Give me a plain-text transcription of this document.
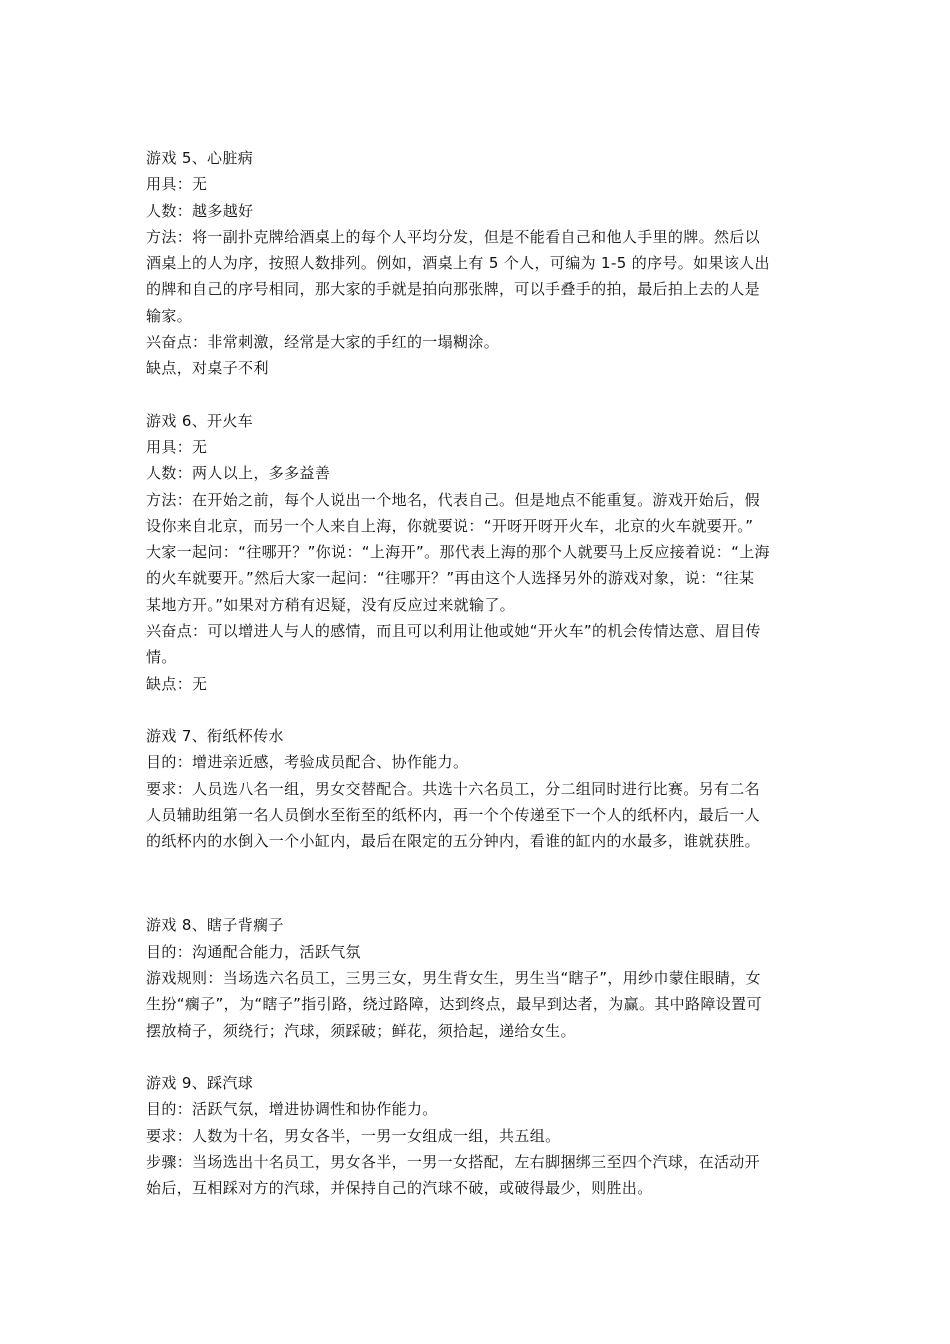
游戏 5、心脏病

用具：无

人数：越多越好

方法：将一副扑克牌给酒桌上的每个人平均分发，但是不能看自己和他人手里的牌。然后以

酒桌上的人为序，按照人数排列。例如，酒桌上有 5 个人，可编为 1-5 的序号。如果该人出

的牌和自己的序号相同，那大家的手就是拍向那张牌，可以手叠手的拍，最后拍上去的人是

输家。

兴奋点：非常刺激，经常是大家的手红的一塌糊涂。

缺点，对桌子不利

游戏 6、开火车

用具：无

人数：两人以上，多多益善

方法：在开始之前，每个人说出一个地名，代表自己。但是地点不能重复。游戏开始后，假

设你来自北京，而另一个人来自上海，你就要说：“开呀开呀开火车，北京的火车就要开。”

大家一起问：“往哪开？”你说：“上海开”。那代表上海的那个人就要马上反应接着说：“上海

的火车就要开。”然后大家一起问：“往哪开？”再由这个人选择另外的游戏对象，说：“往某

某地方开。”如果对方稍有迟疑，没有反应过来就输了。

兴奋点：可以增进人与人的感情，而且可以利用让他或她“开火车”的机会传情达意、眉目传

情。

缺点：无

游戏 7、衔纸杯传水

目的：增进亲近感，考验成员配合、协作能力。

要求：人员选八名一组，男女交替配合。共选十六名员工，分二组同时进行比赛。另有二名

人员辅助组第一名人员倒水至衔至的纸杯内，再一个个传递至下一个人的纸杯内，最后一人

的纸杯内的水倒入一个小缸内，最后在限定的五分钟内，看谁的缸内的水最多，谁就获胜。

游戏 8、瞎子背瘸子

目的：沟通配合能力，活跃气氛

游戏规则：当场选六名员工，三男三女，男生背女生，男生当“瞎子”，用纱巾蒙住眼睛，女

生扮“瘸子”，为“瞎子”指引路，绕过路障，达到终点，最早到达者，为赢。其中路障设置可

摆放椅子，须绕行；汽球，须踩破；鲜花，须拾起，递给女生。

游戏 9、踩汽球

目的：活跃气氛，增进协调性和协作能力。

要求：人数为十名，男女各半，一男一女组成一组，共五组。

步骤：当场选出十名员工，男女各半，一男一女搭配，左右脚捆绑三至四个汽球，在活动开

始后，互相踩对方的汽球，并保持自己的汽球不破，或破得最少，则胜出。
